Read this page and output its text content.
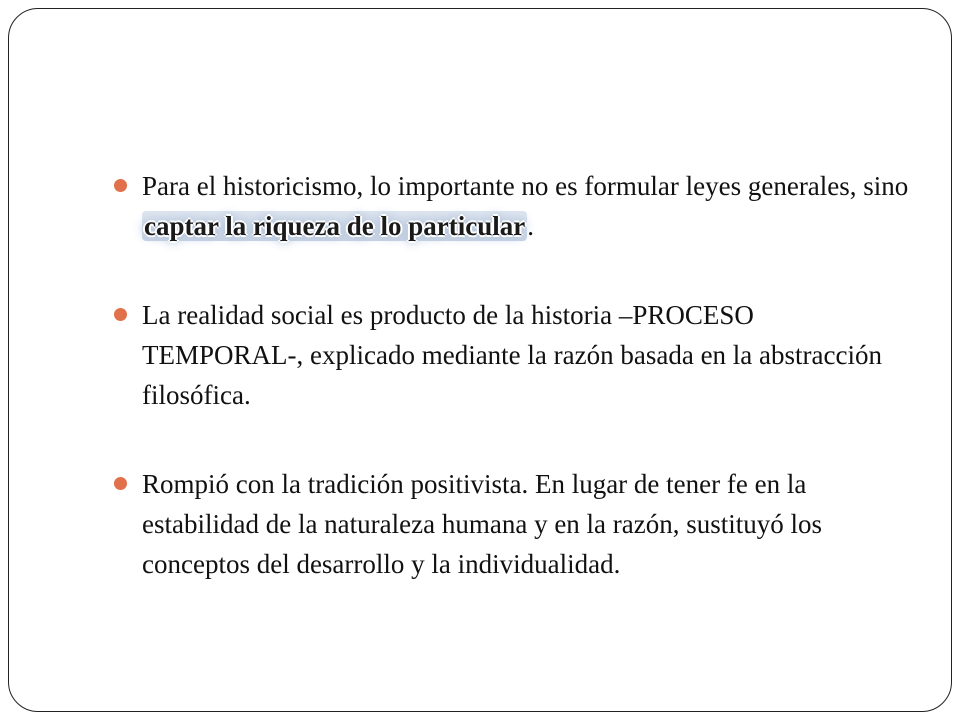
Para el historicismo, lo importante no es formular leyes generales, sino captar la riqueza de lo particular.

La realidad social es producto de la historia –PROCESO TEMPORAL-, explicado mediante la razón basada en la abstracción filosófica.

Rompió con la tradición positivista. En lugar de tener fe en la estabilidad de la naturaleza humana y en la razón, sustituyó los conceptos del desarrollo y la individualidad.
